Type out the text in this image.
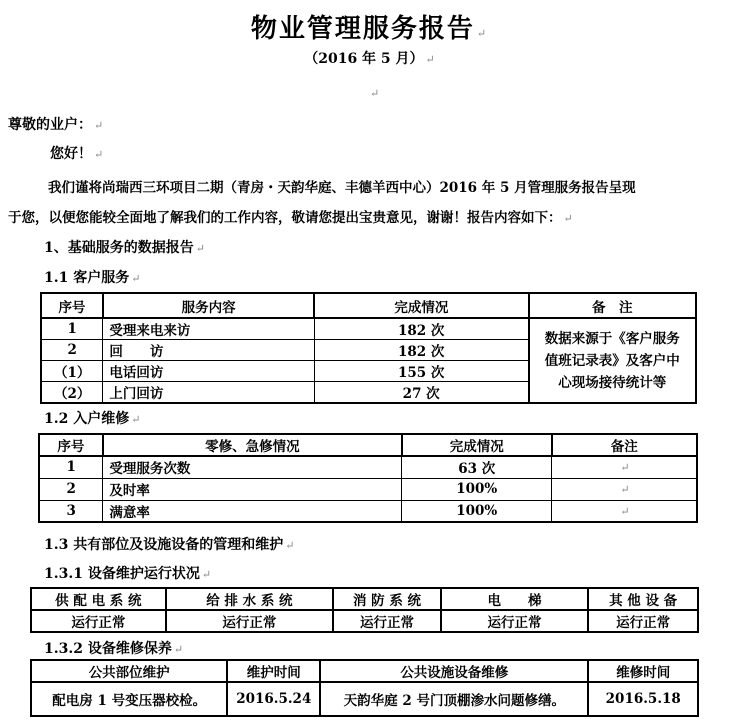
物业管理服务报告 ↵
（2016 年 5 月） ↵
↵
尊敬的业户： ↵
您好！ ↵
我们谨将尚瑞西三环项目二期（青房・天韵华庭、丰德羊西中心）2016 年 5 月管理服务报告呈现
于您，以便您能较全面地了解我们的工作内容，敬请您提出宝贵意见，谢谢！报告内容如下： ↵
1、基础服务的数据报告 ↵
1.1 客户服务 ↵
序号	服务内容	完成情况	备　注
1	受理来电来访	182 次	数据来源于《客户服务
值班记录表》及客户中
心现场接待统计等

2	回　　访	182 次	
（1）	电话回访	155 次	
（2）	上门回访	27 次	
1.2 入户维修 ↵
序号	零修、急修情况	完成情况	备注
1	受理服务次数	63 次	↵
2	及时率	100%	↵
3	满意率	100%	↵
1.3 共有部位及设施设备的管理和维护 ↵
1.3.1 设备维护运行状况 ↵
供 配 电 系 统	给 排 水 系 统	消 防 系 统	电　　梯	其 他 设 备
运行正常	运行正常	运行正常	运行正常	运行正常
1.3.2 设备维修保养 ↵
公共部位维护	维护时间	公共设施设备维修	维修时间
配电房 1 号变压器校检。	2016.5.24	天韵华庭 2 号门顶棚渗水问题修缮。	2016.5.18
